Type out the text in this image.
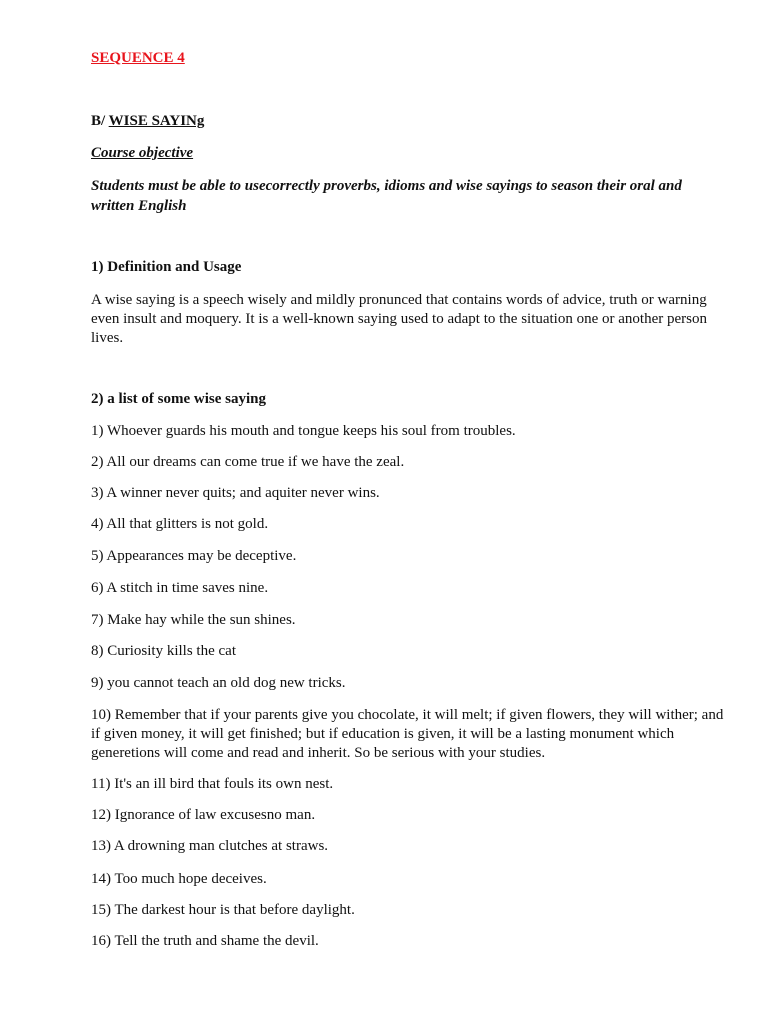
SEQUENCE 4

B/ WISE SAYINg

Course objective

Students must be able to usecorrectly proverbs, idioms and wise sayings to season their oral and written English

1) Definition and Usage

A wise saying is a speech wisely and mildly pronunced that contains words of advice, truth or warning even insult and moquery. It is a well-known saying used to adapt to the situation one or another person lives.

2) a list of some wise saying

1) Whoever guards his mouth and tongue keeps his soul from troubles.

2) All our dreams can come true if we have the zeal.

3) A winner never quits; and aquiter never wins.

4) All that glitters is not gold.

5) Appearances may be deceptive.

6) A stitch in time saves nine.

7) Make hay while the sun shines.

8) Curiosity kills the cat

9) you cannot teach an old dog new tricks.

10) Remember that if your parents give you chocolate, it will melt; if given flowers, they will wither; and if given money, it will get finished; but if education is given, it will be a lasting monument which generetions will come and read and inherit. So be serious with your studies.

11) It's an ill bird that fouls its own nest.

12) Ignorance of law excusesno man.

13) A drowning man clutches at straws.

14) Too much hope deceives.

15) The darkest hour is that before daylight.

16) Tell the truth and shame the devil.
